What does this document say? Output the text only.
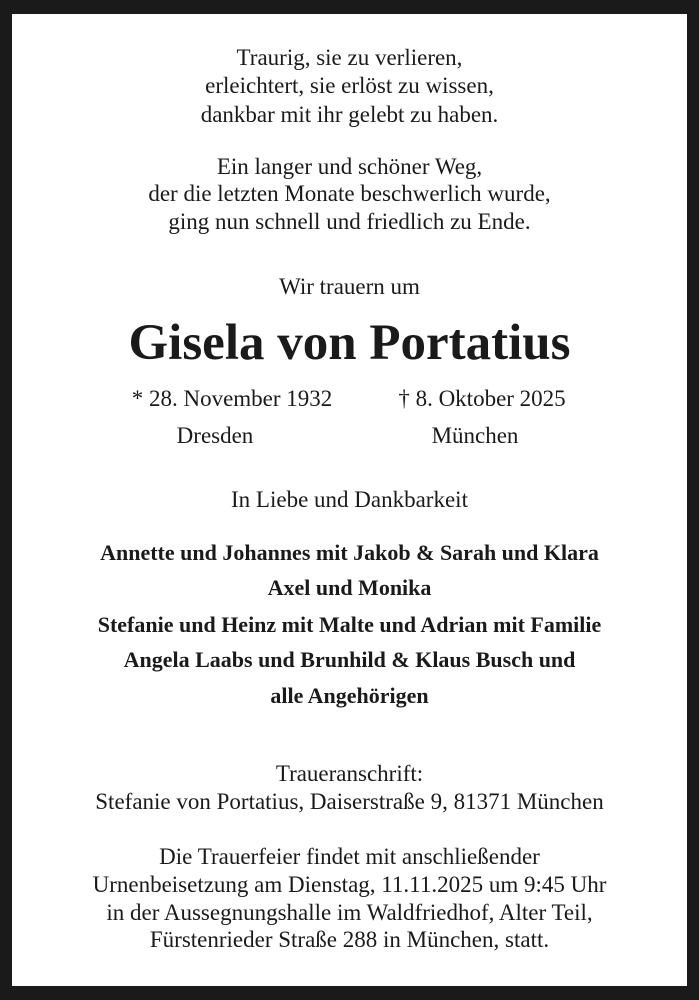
Traurig, sie zu verlieren,
erleichtert, sie erlöst zu wissen,
dankbar mit ihr gelebt zu haben.
Ein langer und schöner Weg,
der die letzten Monate beschwerlich wurde,
ging nun schnell und friedlich zu Ende.
Wir trauern um
Gisela von Portatius
* 28. November 1932	† 8. Oktober 2025
Dresden	München
In Liebe und Dankbarkeit
Annette und Johannes mit Jakob & Sarah und Klara
Axel und Monika
Stefanie und Heinz mit Malte und Adrian mit Familie
Angela Laabs und Brunhild & Klaus Busch und
alle Angehörigen
Traueranschrift:
Stefanie von Portatius, Daiserstraße 9, 81371 München
Die Trauerfeier findet mit anschließender
Urnenbeisetzung am Dienstag, 11.11.2025 um 9:45 Uhr
in der Aussegnungshalle im Waldfriedhof, Alter Teil,
Fürstenrieder Straße 288 in München, statt.
